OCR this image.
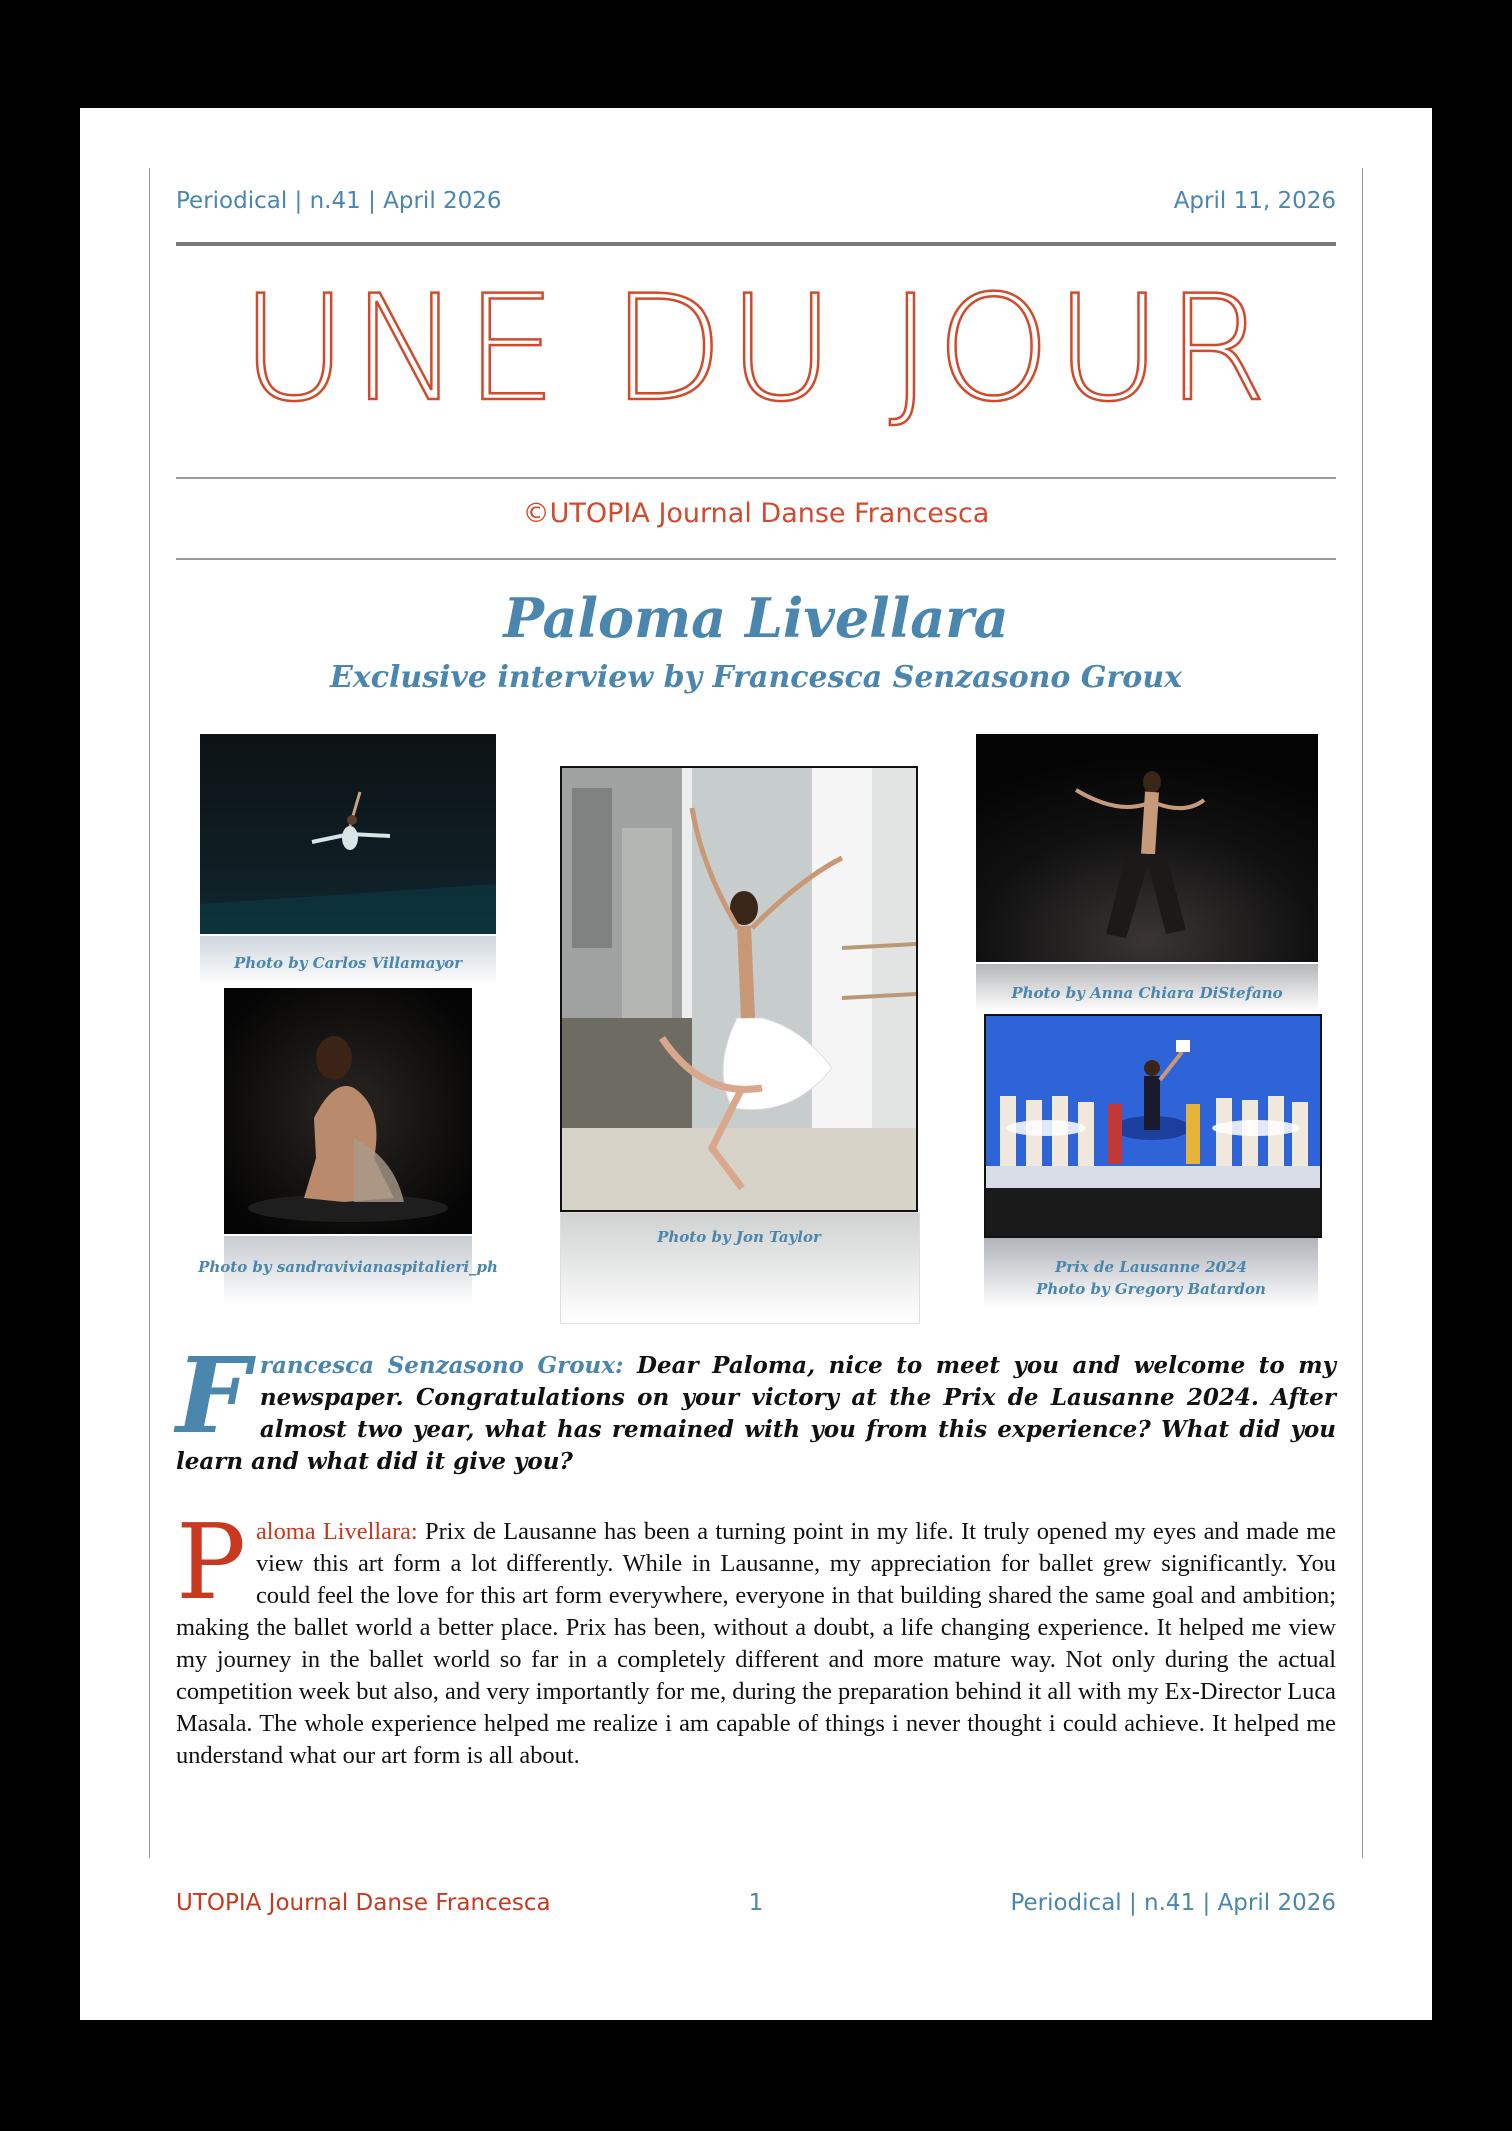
Periodical | n.41 | April 2026	April 11, 2026
UNE DU JOUR
©UTOPIA Journal Danse Francesca
Paloma Livellara
Exclusive interview by Francesca Senzasono Groux
Photo by Carlos Villamayor
Photo by sandravivianaspitalieri_ph
Photo by Jon Taylor
Photo by Anna Chiara DiStefano
Prix de Lausanne 2024
Photo by Gregory Batardon
Francesca Senzasono Groux: Dear Paloma, nice to meet you and welcome to my newspaper. Congratulations on your victory at the Prix de Lausanne 2024. After almost two year, what has remained with you from this experience? What did you learn and what did it give you?
Paloma Livellara: Prix de Lausanne has been a turning point in my life. It truly opened my eyes and made me view this art form a lot differently. While in Lausanne, my appreciation for ballet grew significantly. You could feel the love for this art form everywhere, everyone in that building shared the same goal and ambition; making the ballet world a better place. Prix has been, without a doubt, a life changing experience. It helped me view my journey in the ballet world so far in a completely different and more mature way. Not only during the actual competition week but also, and very importantly for me, during the preparation behind it all with my Ex-Director Luca Masala. The whole experience helped me realize i am capable of things i never thought i could achieve. It helped me understand what our art form is all about.
UTOPIA Journal Danse Francesca	1	Periodical | n.41 | April 2026
